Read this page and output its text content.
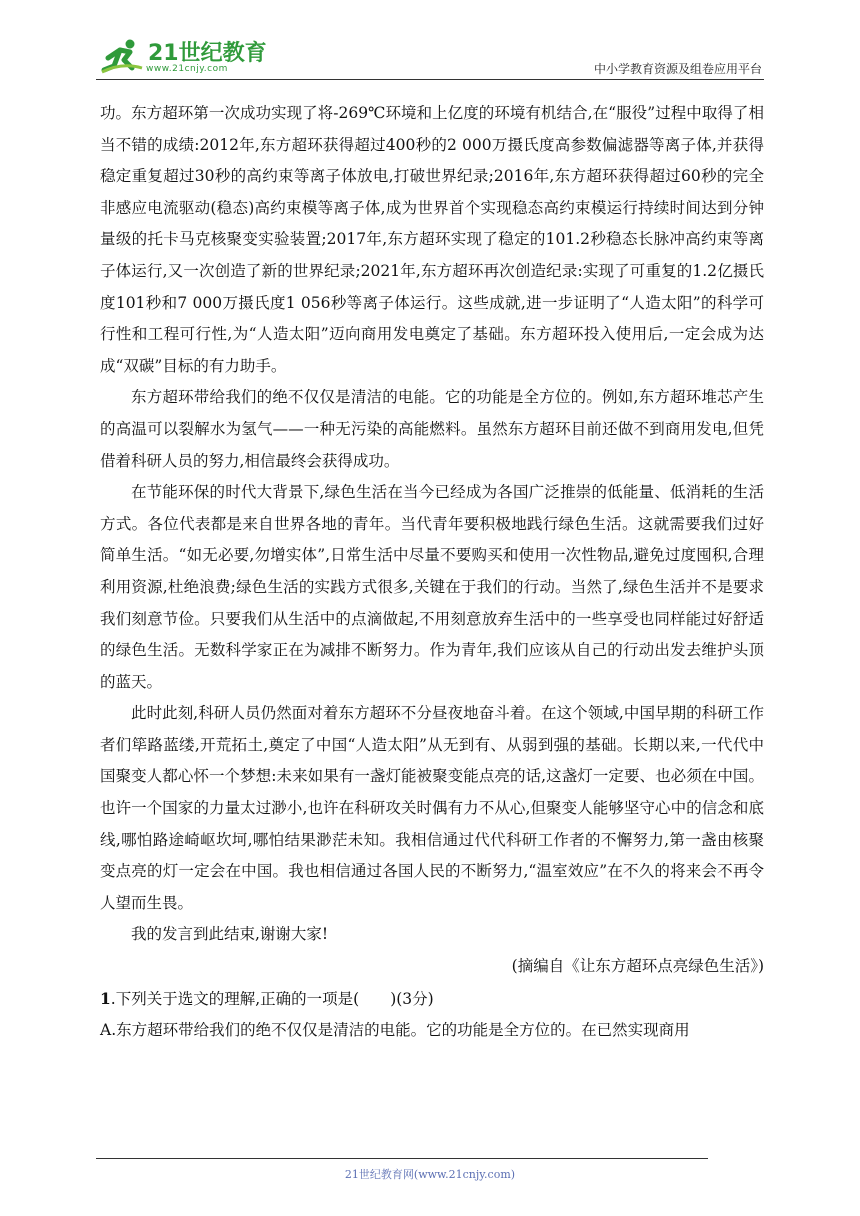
21世纪教育
www.21cnjy.com	中小学教育资源及组卷应用平台

功。东方超环第一次成功实现了将-269℃环境和上亿度的环境有机结合,在“服役”过程中取得了相当不错的成绩:2012年,东方超环获得超过400秒的2 000万摄氏度高参数偏滤器等离子体,并获得稳定重复超过30秒的高约束等离子体放电,打破世界纪录;2016年,东方超环获得超过60秒的完全非感应电流驱动(稳态)高约束模等离子体,成为世界首个实现稳态高约束模运行持续时间达到分钟量级的托卡马克核聚变实验装置;2017年,东方超环实现了稳定的101.2秒稳态长脉冲高约束等离子体运行,又一次创造了新的世界纪录;2021年,东方超环再次创造纪录:实现了可重复的1.2亿摄氏度101秒和7 000万摄氏度1 056秒等离子体运行。这些成就,进一步证明了“人造太阳”的科学可行性和工程可行性,为“人造太阳”迈向商用发电奠定了基础。东方超环投入使用后,一定会成为达成“双碳”目标的有力助手。

东方超环带给我们的绝不仅仅是清洁的电能。它的功能是全方位的。例如,东方超环堆芯产生的高温可以裂解水为氢气——一种无污染的高能燃料。虽然东方超环目前还做不到商用发电,但凭借着科研人员的努力,相信最终会获得成功。

在节能环保的时代大背景下,绿色生活在当今已经成为各国广泛推崇的低能量、低消耗的生活方式。各位代表都是来自世界各地的青年。当代青年要积极地践行绿色生活。这就需要我们过好简单生活。“如无必要,勿增实体”,日常生活中尽量不要购买和使用一次性物品,避免过度囤积,合理利用资源,杜绝浪费;绿色生活的实践方式很多,关键在于我们的行动。当然了,绿色生活并不是要求我们刻意节俭。只要我们从生活中的点滴做起,不用刻意放弃生活中的一些享受也同样能过好舒适的绿色生活。无数科学家正在为减排不断努力。作为青年,我们应该从自己的行动出发去维护头顶的蓝天。

此时此刻,科研人员仍然面对着东方超环不分昼夜地奋斗着。在这个领域,中国早期的科研工作者们筚路蓝缕,开荒拓土,奠定了中国“人造太阳”从无到有、从弱到强的基础。长期以来,一代代中国聚变人都心怀一个梦想:未来如果有一盏灯能被聚变能点亮的话,这盏灯一定要、也必须在中国。也许一个国家的力量太过渺小,也许在科研攻关时偶有力不从心,但聚变人能够坚守心中的信念和底线,哪怕路途崎岖坎坷,哪怕结果渺茫未知。我相信通过代代科研工作者的不懈努力,第一盏由核聚变点亮的灯一定会在中国。我也相信通过各国人民的不断努力,“温室效应”在不久的将来会不再令人望而生畏。

我的发言到此结束,谢谢大家!

(摘编自《让东方超环点亮绿色生活》)

1.下列关于选文的理解,正确的一项是(　　)(3分)

A.东方超环带给我们的绝不仅仅是清洁的电能。它的功能是全方位的。在已然实现商用

21世纪教育网(www.21cnjy.com)
